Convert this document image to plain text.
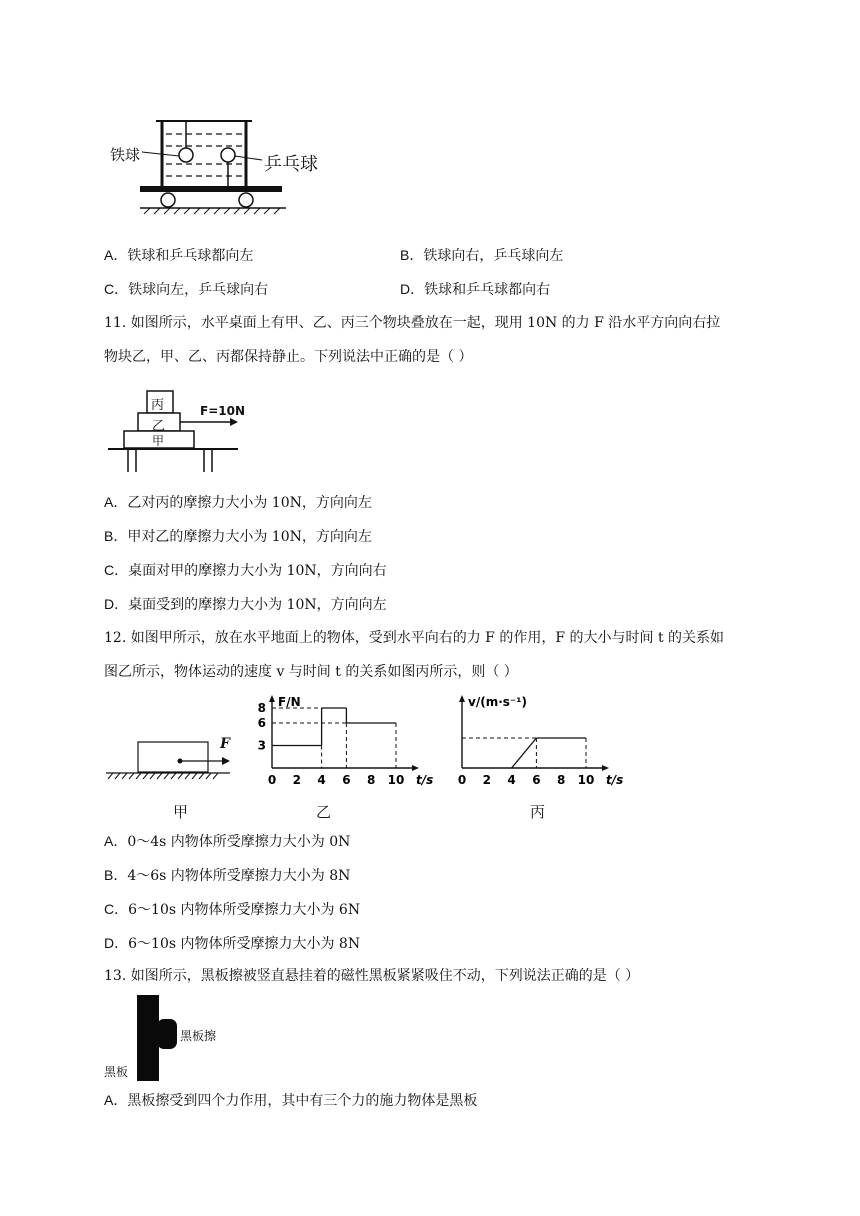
铁球	乒乓球
A．铁球和乒乓球都向左	B．铁球向右，乒乓球向左
C．铁球向左，乒乓球向右	D．铁球和乒乓球都向右
11. 如图所示，水平桌面上有甲、乙、丙三个物块叠放在一起，现用 10N 的力 F 沿水平方向向右拉
物块乙，甲、乙、丙都保持静止。下列说法中正确的是（ ）
丙
乙
甲
F=10N
A．乙对丙的摩擦力大小为 10N，方向向左
B．甲对乙的摩擦力大小为 10N，方向向左
C．桌面对甲的摩擦力大小为 10N，方向向右
D．桌面受到的摩擦力大小为 10N，方向向左
12. 如图甲所示，放在水平地面上的物体，受到水平向右的力 F 的作用，F 的大小与时间 t 的关系如
图乙所示，物体运动的速度 v 与时间 t 的关系如图丙所示，则（ ）
F
0 2 4 6 8 10 t/s
F/N
3
6
8
0 2 4 6 8 10 t/s
v/(m·s⁻¹)
甲	乙	丙
A．0～4s 内物体所受摩擦力大小为 0N
B．4～6s 内物体所受摩擦力大小为 8N
C．6～10s 内物体所受摩擦力大小为 6N
D．6～10s 内物体所受摩擦力大小为 8N
13. 如图所示，黑板擦被竖直悬挂着的磁性黑板紧紧吸住不动，下列说法正确的是（ ）
黑板擦
黑板
A．黑板擦受到四个力作用，其中有三个力的施力物体是黑板
